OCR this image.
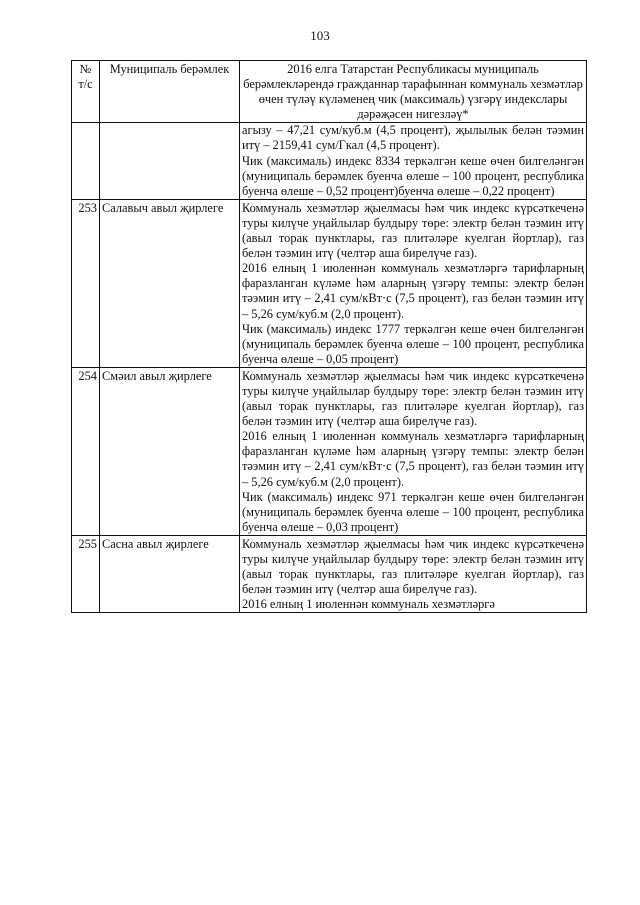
103
№ т/с	Муниципаль берәмлек	2016 елга Татарстан Республикасы муниципаль берәмлекләрендә гражданнар тарафыннан коммуналь хезмәтләр өчен түләү күләменең чик (максималь) үзгәрү индекслары дәрәҗәсен нигезләү*

		агызу – 47,21 сум/куб.м (4,5 процент), җылылык белән тәэмин итү – 2159,41 сум/Гкал (4,5 процент).

Чик (максималь) индекс 8334 теркәлгән кеше өчен билгеләнгән (муниципаль берәмлек буенча өлеше – 100 процент, республика буенча өлеше – 0,52 процент)буенча өлеше – 0,22 процент)

253	Салавыч авыл җирлеге	Коммуналь хезмәтләр җыелмасы һәм чик индекс күрсәткеченә туры килүче уңайлылар булдыру төре: электр белән тәэмин итү (авыл торак пунктлары, газ плитәләре куелган йортлар), газ белән тәэмин итү (челтәр аша бирелүче газ).

2016 елның 1 июленнән коммуналь хезмәтләргә тарифларның фаразланган күләме һәм аларның үзгәрү темпы: электр белән тәэмин итү – 2,41 сум/кВт·с (7,5 процент), газ белән тәэмин итү – 5,26 сум/куб.м (2,0 процент).

Чик (максималь) индекс 1777 теркәлгән кеше өчен билгеләнгән (муниципаль берәмлек буенча өлеше – 100 процент, республика буенча өлеше – 0,05 процент)

254	Смәил авыл җирлеге	Коммуналь хезмәтләр җыелмасы һәм чик индекс күрсәткеченә туры килүче уңайлылар булдыру төре: электр белән тәэмин итү (авыл торак пунктлары, газ плитәләре куелган йортлар), газ белән тәэмин итү (челтәр аша бирелүче газ).

2016 елның 1 июленнән коммуналь хезмәтләргә тарифларның фаразланган күләме һәм аларның үзгәрү темпы: электр белән тәэмин итү – 2,41 сум/кВт·с (7,5 процент), газ белән тәэмин итү – 5,26 сум/куб.м (2,0 процент).

Чик (максималь) индекс 971 теркәлгән кеше өчен билгеләнгән (муниципаль берәмлек буенча өлеше – 100 процент, республика буенча өлеше – 0,03 процент)

255	Сасна авыл җирлеге	Коммуналь хезмәтләр җыелмасы һәм чик индекс күрсәткеченә туры килүче уңайлылар булдыру төре: электр белән тәэмин итү (авыл торак пунктлары, газ плитәләре куелган йортлар), газ белән тәэмин итү (челтәр аша бирелүче газ).

2016 елның 1 июленнән коммуналь хезмәтләргә
